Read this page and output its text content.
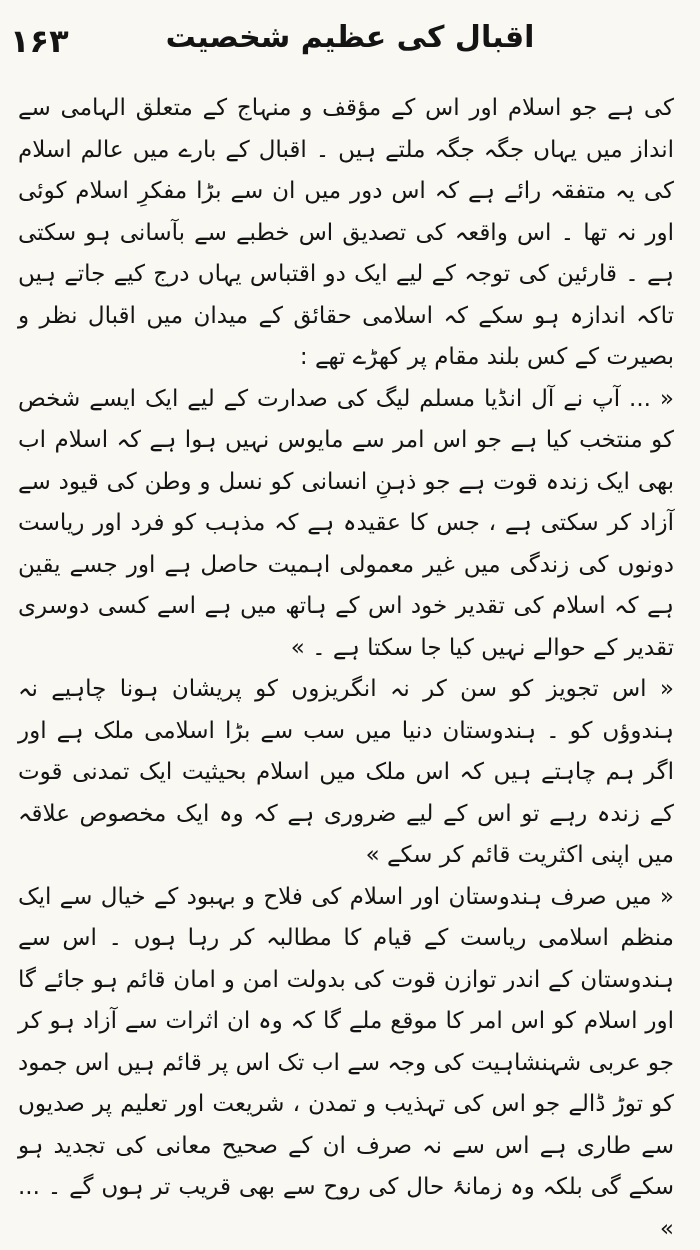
۱۶۳	اقبال کی عظیم شخصیت

کی ہے جو اسلام اور اس کے مؤقف و منہاج کے متعلق الہامی سے انداز میں یہاں جگہ جگہ ملتے ہیں ۔ اقبال کے بارے میں عالم اسلام کی یہ متفقہ رائے ہے کہ اس دور میں ان سے بڑا مفکرِ اسلام کوئی اور نہ تھا ۔ اس واقعہ کی تصدیق اس خطبے سے بآسانی ہو سکتی ہے ۔ قارئین کی توجہ کے لیے ایک دو اقتباس یہاں درج کیے جاتے ہیں تاکہ اندازہ ہو سکے کہ اسلامی حقائق کے میدان میں اقبال نظر و بصیرت کے کس بلند مقام پر کھڑے تھے :

« ... آپ نے آل انڈیا مسلم لیگ کی صدارت کے لیے ایک ایسے شخص کو منتخب کیا ہے جو اس امر سے مایوس نہیں ہوا ہے کہ اسلام اب بھی ایک زندہ قوت ہے جو ذہنِ انسانی کو نسل و وطن کی قیود سے آزاد کر سکتی ہے ، جس کا عقیدہ ہے کہ مذہب کو فرد اور ریاست دونوں کی زندگی میں غیر معمولی اہمیت حاصل ہے اور جسے یقین ہے کہ اسلام کی تقدیر خود اس کے ہاتھ میں ہے اسے کسی دوسری تقدیر کے حوالے نہیں کیا جا سکتا ہے ۔ »

« اس تجویز کو سن کر نہ انگریزوں کو پریشان ہونا چاہیے نہ ہندوؤں کو ۔ ہندوستان دنیا میں سب سے بڑا اسلامی ملک ہے اور اگر ہم چاہتے ہیں کہ اس ملک میں اسلام بحیثیت ایک تمدنی قوت کے زندہ رہے تو اس کے لیے ضروری ہے کہ وہ ایک مخصوص علاقہ میں اپنی اکثریت قائم کر سکے »

« میں صرف ہندوستان اور اسلام کی فلاح و بہبود کے خیال سے ایک منظم اسلامی ریاست کے قیام کا مطالبہ کر رہا ہوں ۔ اس سے ہندوستان کے اندر توازن قوت کی بدولت امن و امان قائم ہو جائے گا اور اسلام کو اس امر کا موقع ملے گا کہ وہ ان اثرات سے آزاد ہو کر جو عربی شہنشاہیت کی وجہ سے اب تک اس پر قائم ہیں اس جمود کو توڑ ڈالے جو اس کی تہذیب و تمدن ، شریعت اور تعلیم پر صدیوں سے طاری ہے اس سے نہ صرف ان کے صحیح معانی کی تجدید ہو سکے گی بلکہ وہ زمانۂ حال کی روح سے بھی قریب تر ہوں گے ۔ ... »
